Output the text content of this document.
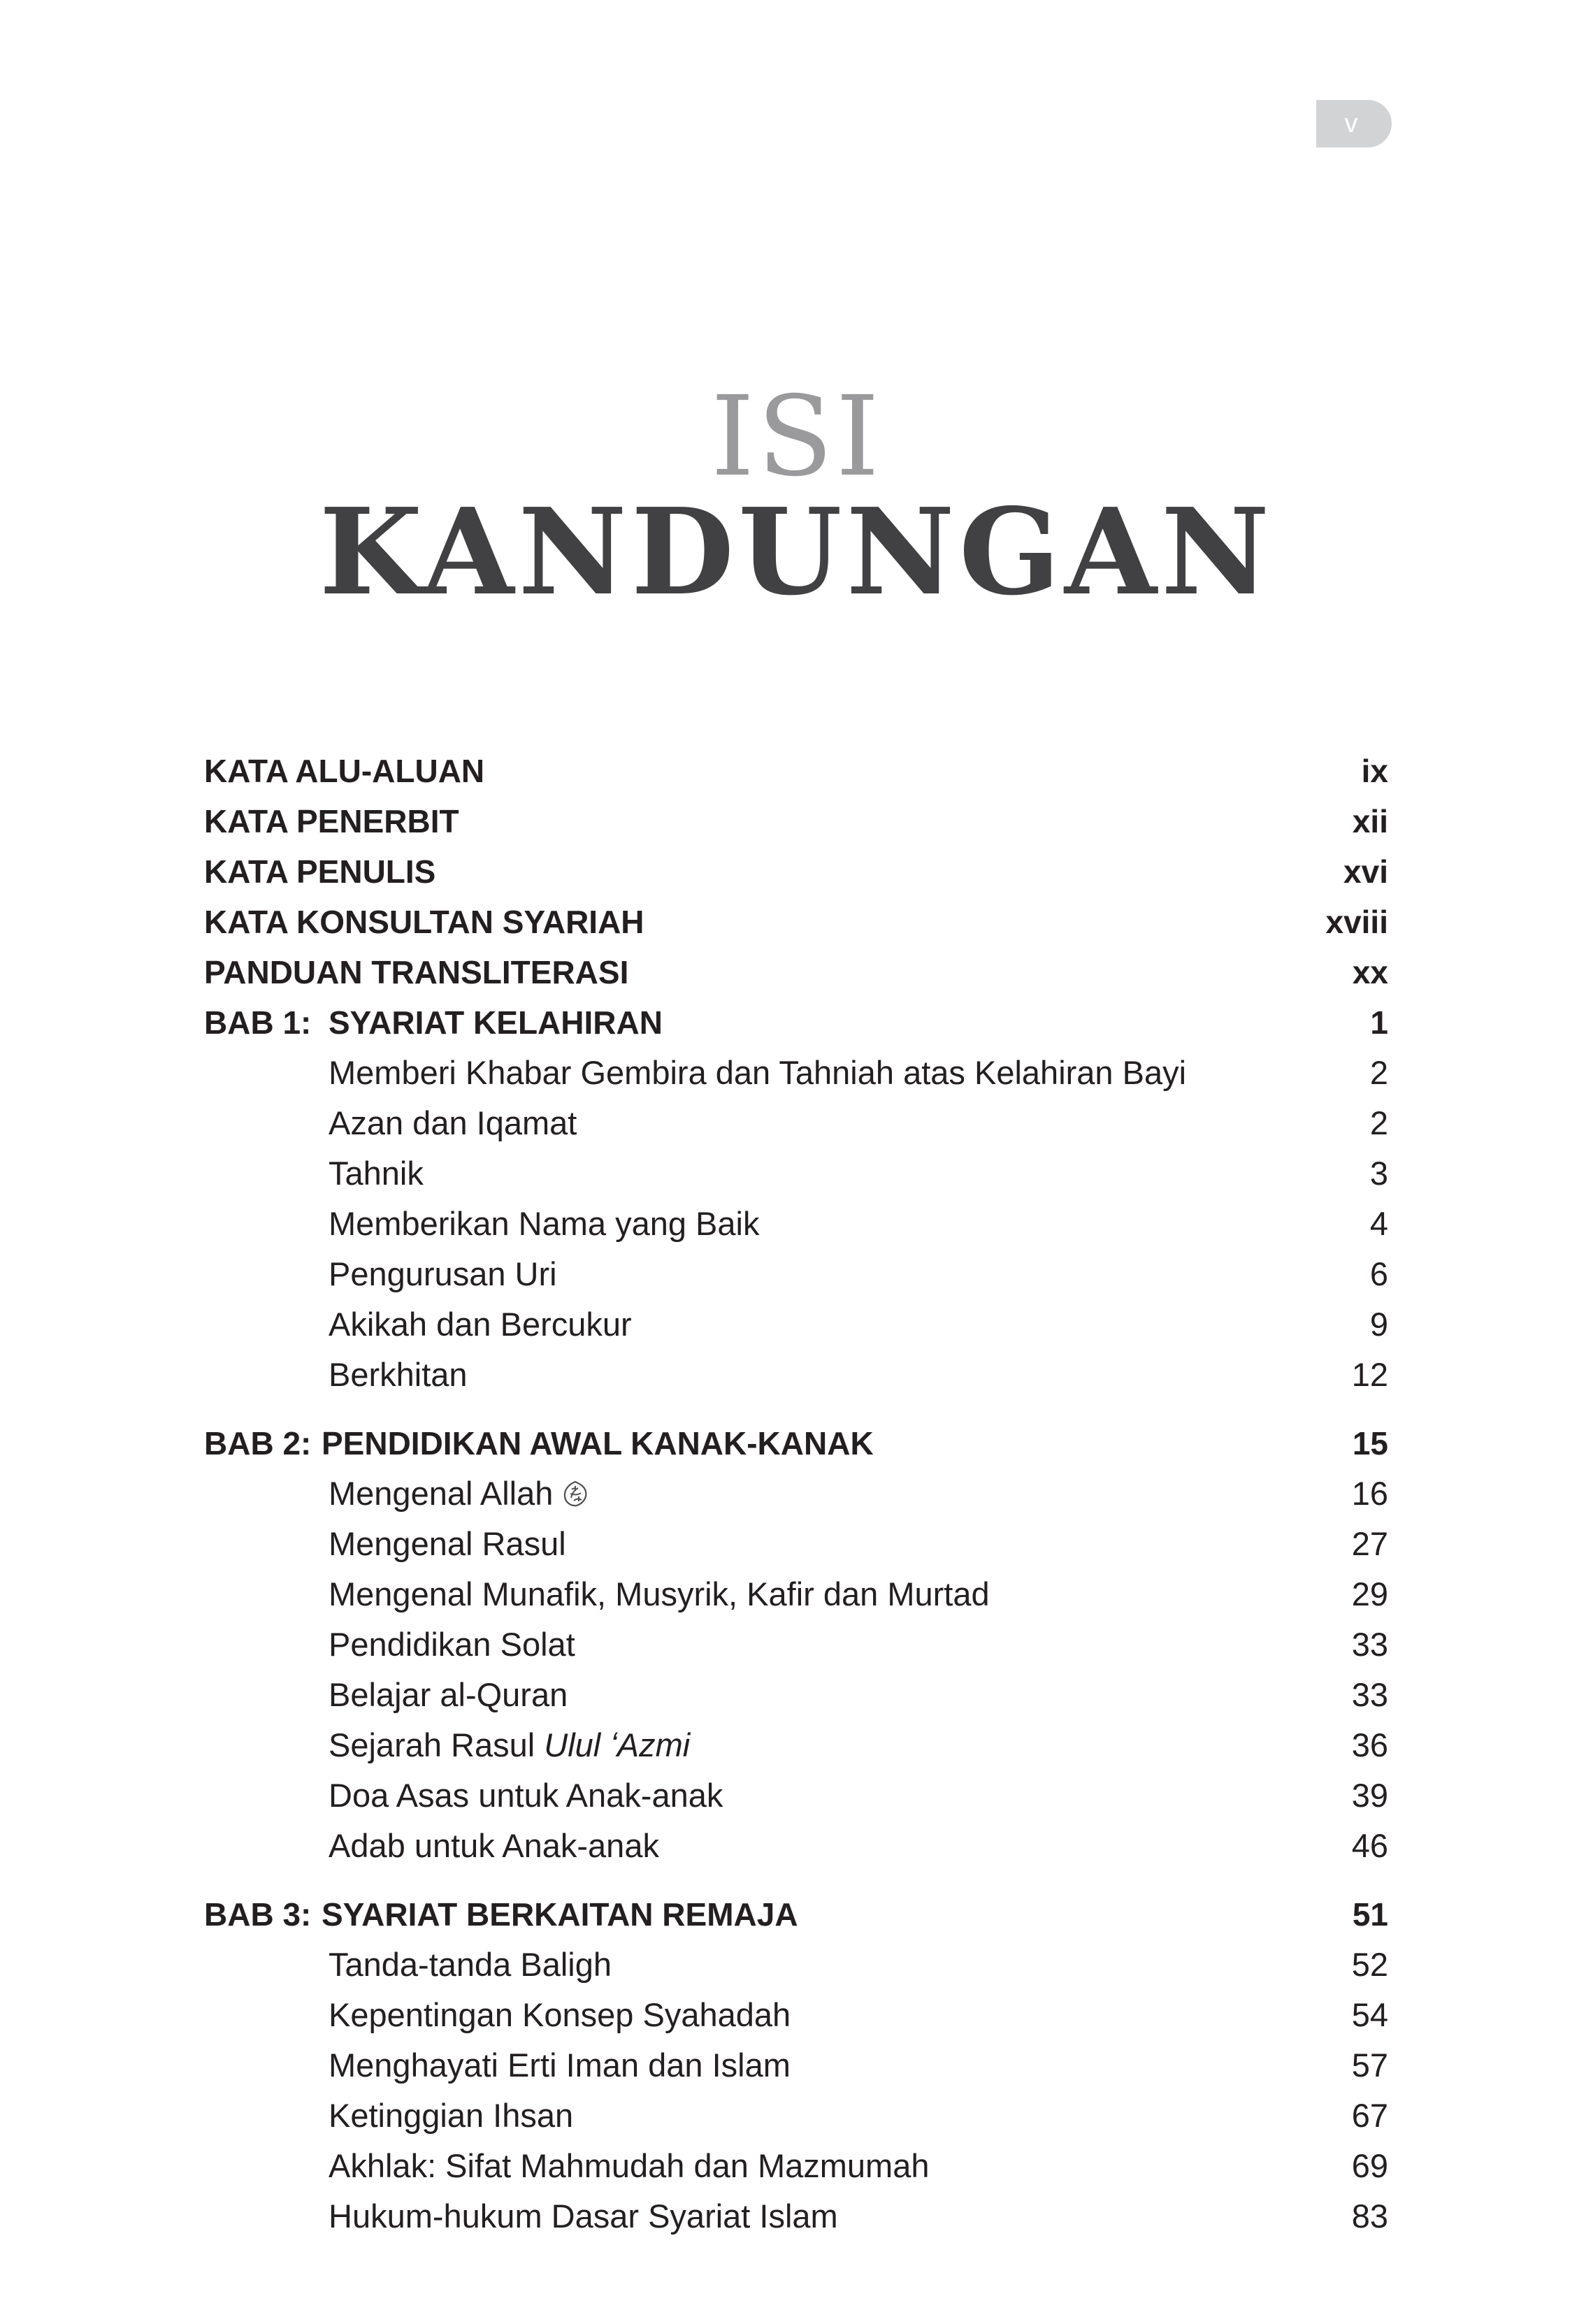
v
ISI
KANDUNGAN
KATA ALU-ALUAN	ix
KATA PENERBIT	xii
KATA PENULIS	xvi
KATA KONSULTAN SYARIAH	xviii
PANDUAN TRANSLITERASI	xx
BAB 1: SYARIAT KELAHIRAN	1
Memberi Khabar Gembira dan Tahniah atas Kelahiran Bayi	2
Azan dan Iqamat	2
Tahnik	3
Memberikan Nama yang Baik	4
Pengurusan Uri	6
Akikah dan Bercukur	9
Berkhitan	12
BAB 2: PENDIDIKAN AWAL KANAK-KANAK	15
Mengenal Allah	16
Mengenal Rasul	27
Mengenal Munafik, Musyrik, Kafir dan Murtad	29
Pendidikan Solat	33
Belajar al-Quran	33
Sejarah Rasul Ulul ʻAzmi	36
Doa Asas untuk Anak-anak	39
Adab untuk Anak-anak	46
BAB 3: SYARIAT BERKAITAN REMAJA	51
Tanda-tanda Baligh	52
Kepentingan Konsep Syahadah	54
Menghayati Erti Iman dan Islam	57
Ketinggian Ihsan	67
Akhlak: Sifat Mahmudah dan Mazmumah	69
Hukum-hukum Dasar Syariat Islam	83
